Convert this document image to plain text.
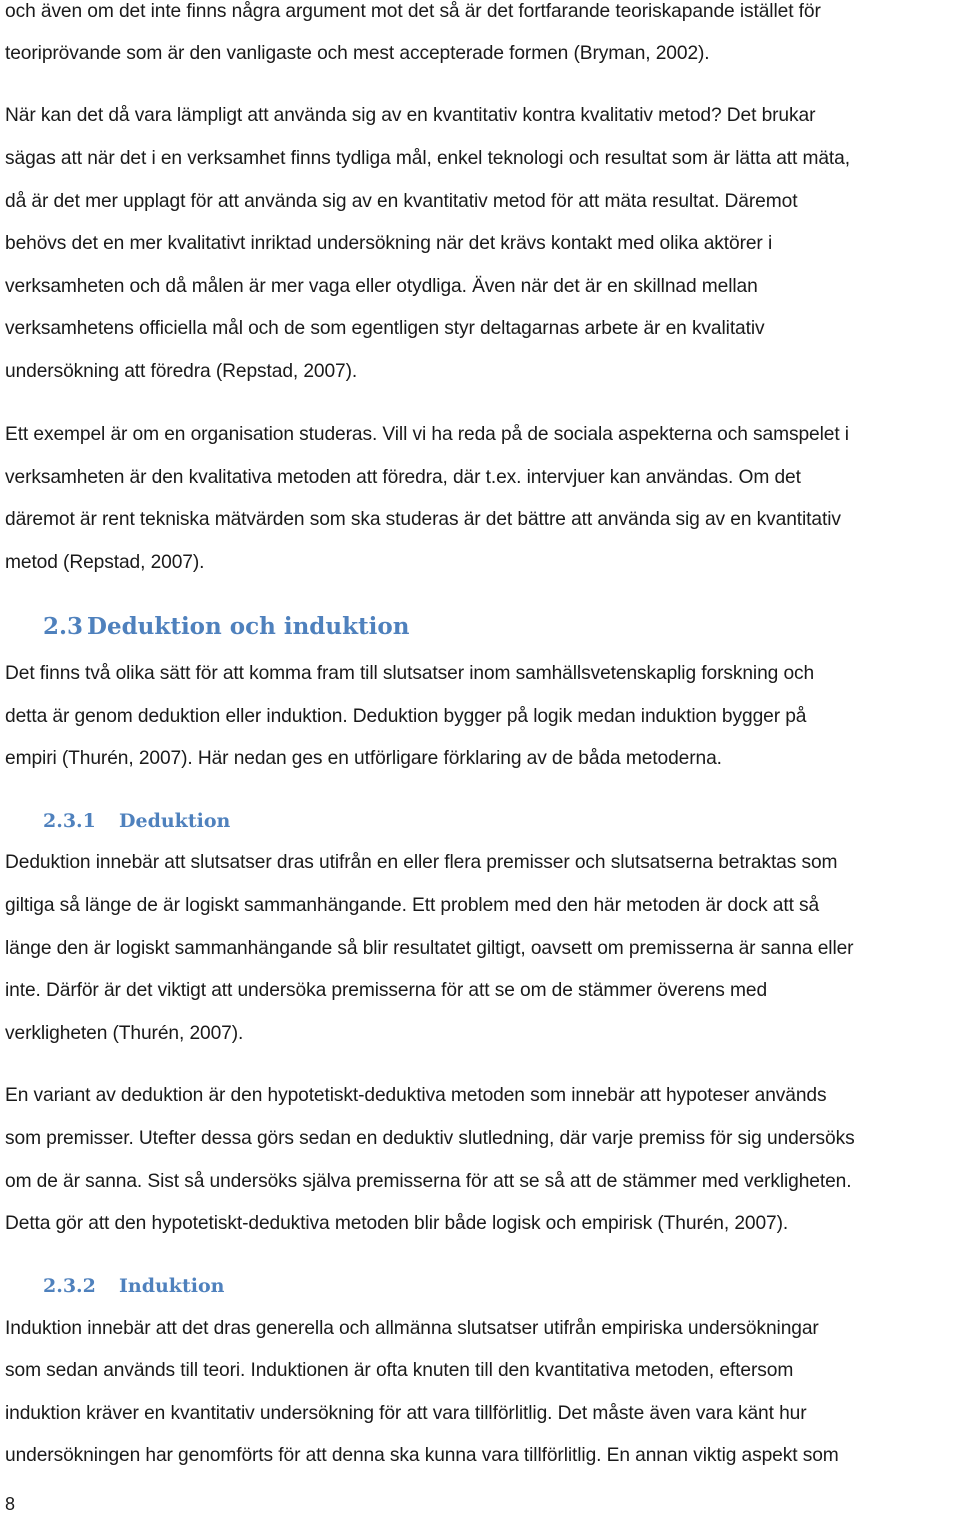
och även om det inte finns några argument mot det så är det fortfarande teoriskapande istället för
teoriprövande som är den vanligaste och mest accepterade formen (Bryman, 2002).
När kan det då vara lämpligt att använda sig av en kvantitativ kontra kvalitativ metod? Det brukar
sägas att när det i en verksamhet finns tydliga mål, enkel teknologi och resultat som är lätta att mäta,
då är det mer upplagt för att använda sig av en kvantitativ metod för att mäta resultat. Däremot
behövs det en mer kvalitativt inriktad undersökning när det krävs kontakt med olika aktörer i
verksamheten och då målen är mer vaga eller otydliga. Även när det är en skillnad mellan
verksamhetens officiella mål och de som egentligen styr deltagarnas arbete är en kvalitativ
undersökning att föredra (Repstad, 2007).
Ett exempel är om en organisation studeras. Vill vi ha reda på de sociala aspekterna och samspelet i
verksamheten är den kvalitativa metoden att föredra, där t.ex. intervjuer kan användas. Om det
däremot är rent tekniska mätvärden som ska studeras är det bättre att använda sig av en kvantitativ
metod (Repstad, 2007).
2.3 Deduktion och induktion
Det finns två olika sätt för att komma fram till slutsatser inom samhällsvetenskaplig forskning och
detta är genom deduktion eller induktion. Deduktion bygger på logik medan induktion bygger på
empiri (Thurén, 2007). Här nedan ges en utförligare förklaring av de båda metoderna.
2.3.1 Deduktion
Deduktion innebär att slutsatser dras utifrån en eller flera premisser och slutsatserna betraktas som
giltiga så länge de är logiskt sammanhängande. Ett problem med den här metoden är dock att så
länge den är logiskt sammanhängande så blir resultatet giltigt, oavsett om premisserna är sanna eller
inte. Därför är det viktigt att undersöka premisserna för att se om de stämmer överens med
verkligheten (Thurén, 2007).
En variant av deduktion är den hypotetiskt-deduktiva metoden som innebär att hypoteser används
som premisser. Utefter dessa görs sedan en deduktiv slutledning, där varje premiss för sig undersöks
om de är sanna. Sist så undersöks själva premisserna för att se så att de stämmer med verkligheten.
Detta gör att den hypotetiskt-deduktiva metoden blir både logisk och empirisk (Thurén, 2007).
2.3.2 Induktion
Induktion innebär att det dras generella och allmänna slutsatser utifrån empiriska undersökningar
som sedan används till teori. Induktionen är ofta knuten till den kvantitativa metoden, eftersom
induktion kräver en kvantitativ undersökning för att vara tillförlitlig. Det måste även vara känt hur
undersökningen har genomförts för att denna ska kunna vara tillförlitlig. En annan viktig aspekt som
8
